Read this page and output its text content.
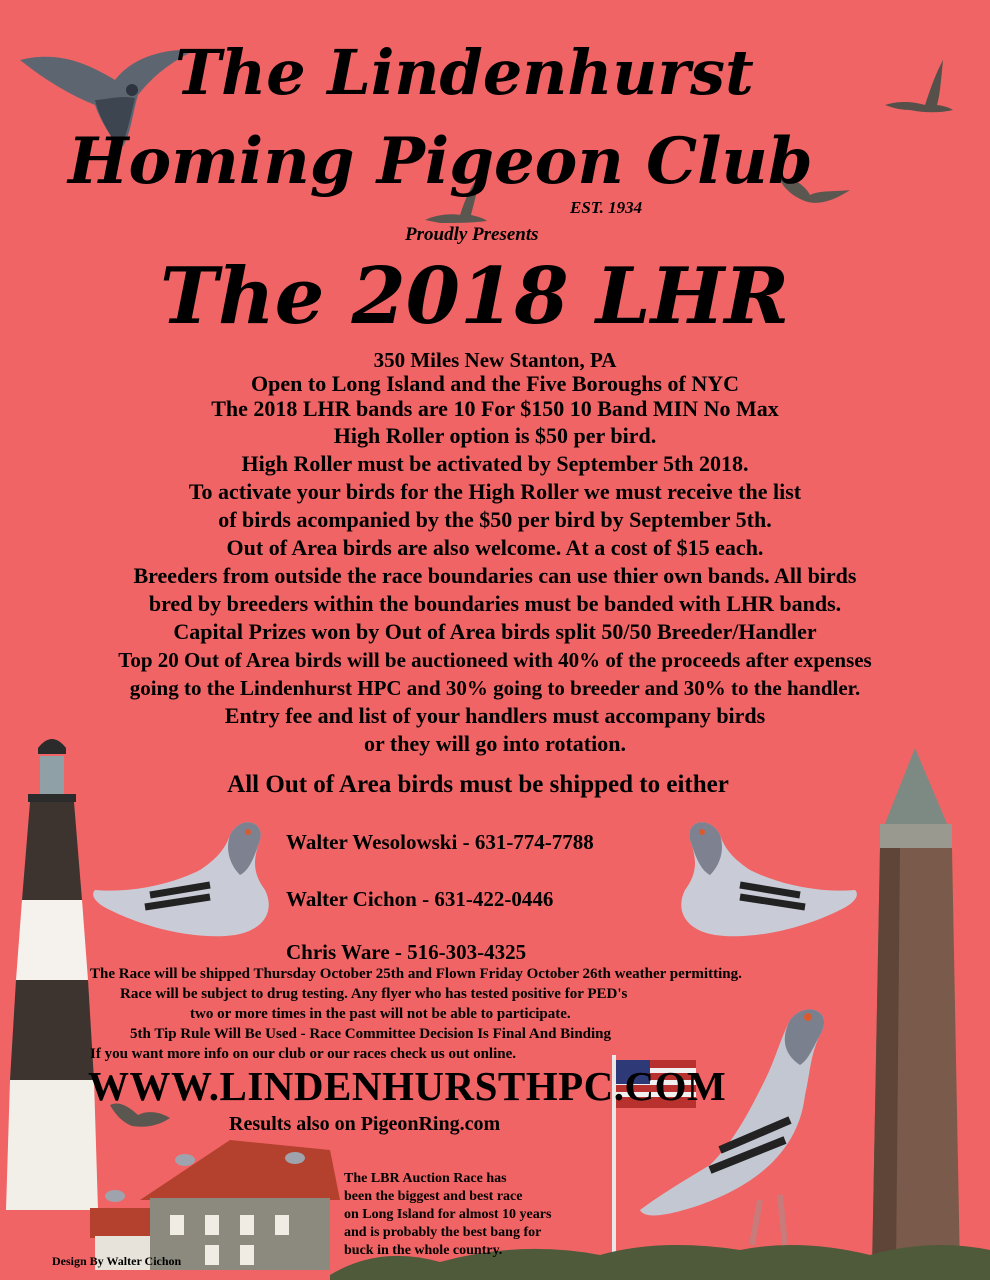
The Lindenhurst
Homing Pigeon Club
EST. 1934
Proudly Presents
The 2018 LHR
350 Miles New Stanton, PA
Open to Long Island and the Five Boroughs of NYC
The 2018 LHR bands are 10 For $150 10 Band MIN No Max
High Roller option is $50 per bird.
High Roller must be activated by September 5th 2018.
To activate your birds for the High Roller we must receive the list
of birds acompanied by the $50 per bird by September 5th.
Out of Area birds are also welcome. At a cost of $15 each.
Breeders from outside the race boundaries can use thier own bands. All birds
bred by breeders within the boundaries must be banded with LHR bands.
Capital Prizes won by Out of Area birds split 50/50 Breeder/Handler
Top 20 Out of Area birds will be auctioneed with 40% of the proceeds after expenses
going to the Lindenhurst HPC and 30% going to breeder and 30% to the handler.
Entry fee and list of your handlers must accompany birds
or they will go into rotation.
All Out of Area birds must be shipped to either
Walter Wesolowski - 631-774-7788
Walter Cichon - 631-422-0446
Chris Ware - 516-303-4325
The Race will be shipped Thursday October 25th and Flown Friday October 26th weather permitting.
Race will be subject to drug testing. Any flyer who has tested positive for PED's
two or more times in the past will not be able to participate.
5th Tip Rule Will Be Used - Race Committee Decision Is Final And Binding
If you want more info on our club or our races check us out online.
WWW.LINDENHURSTHPC.COM
Results also on PigeonRing.com
The LBR Auction Race has
been the biggest and best race
on Long Island for almost 10 years
and is probably the best bang for
buck in the whole country.
Design By Walter Cichon
